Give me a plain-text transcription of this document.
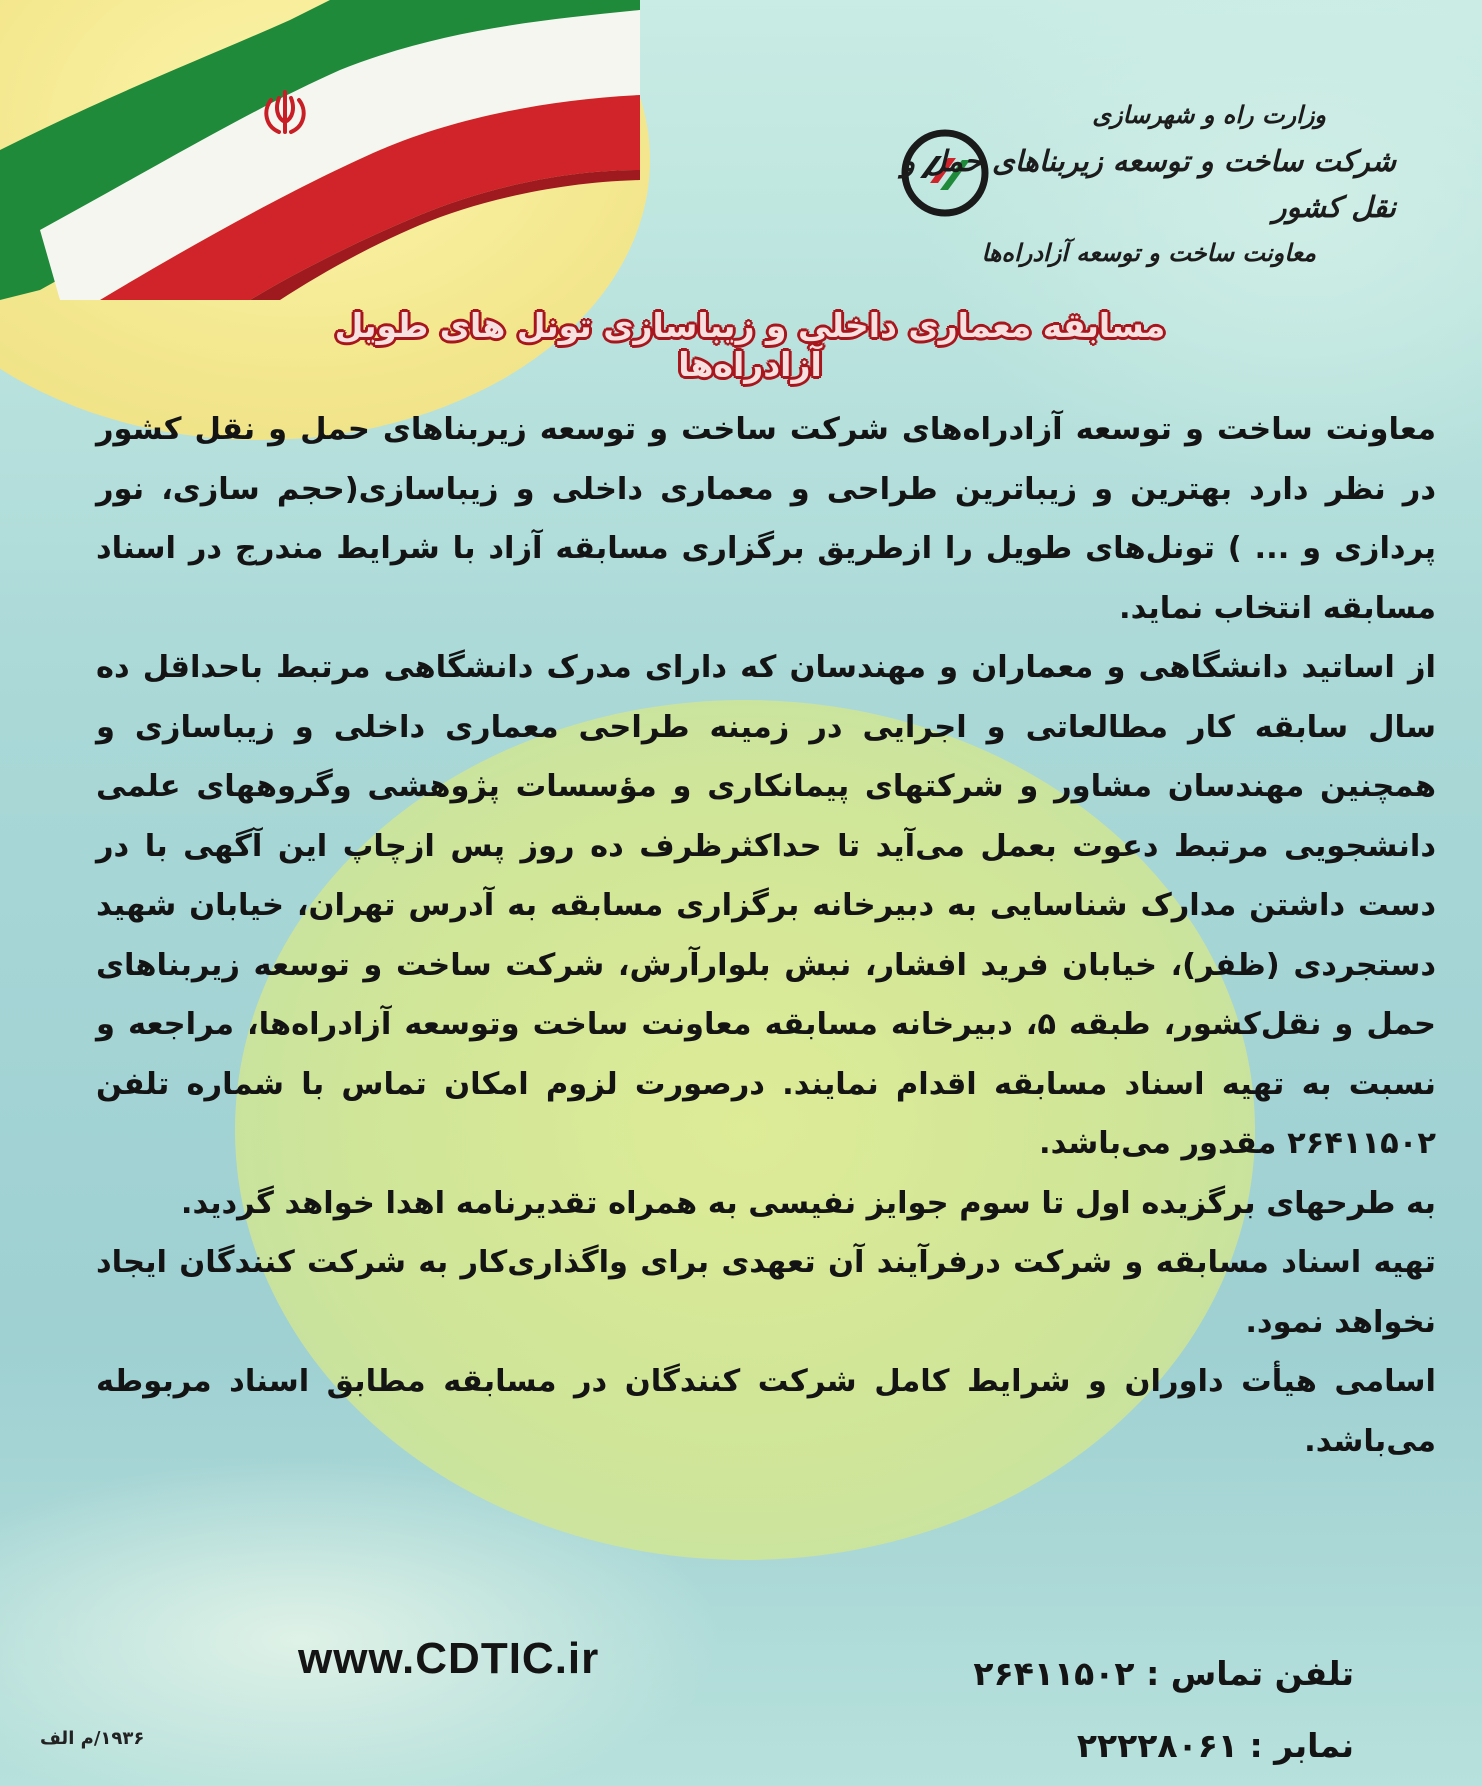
وزارت راه و شهرسازی
شرکت ساخت و توسعه زیربناهای حمل و نقل کشور
معاونت ساخت و توسعه آزادراه‌ها
مسابقه معماری داخلی و زیباسازی تونل های طویل آزادراه‌ها

معاونت ساخت و توسعه آزادراه‌های شرکت ساخت و توسعه زیربناهای حمل و نقل کشور در نظر دارد بهترین و زیباترین طراحی و معماری داخلی و زیباسازی(حجم سازی، نور پردازی و ... ) تونل‌های طویل را ازطریق برگزاری مسابقه آزاد با شرایط مندرج در اسناد مسابقه انتخاب نماید.

از اساتید دانشگاهی و معماران و مهندسان که دارای مدرک دانشگاهی مرتبط باحداقل ده سال سابقه کار مطالعاتی و اجرایی در زمینه طراحی معماری داخلی و زیباسازی و همچنین مهندسان مشاور و شرکتهای پیمانکاری و مؤسسات پژوهشی وگروههای علمی دانشجویی مرتبط دعوت بعمل می‌آید تا حداکثرظرف ده روز پس ازچاپ این آگهی با در دست داشتن مدارک شناسایی به دبیرخانه برگزاری مسابقه به آدرس تهران، خیابان شهید دستجردی (ظفر)، خیابان فرید افشار، نبش بلوارآرش، شرکت ساخت و توسعه زیربناهای حمل و نقل‌کشور، طبقه ۵، دبیرخانه مسابقه معاونت ساخت وتوسعه آزادراه‌ها، مراجعه و نسبت به تهیه اسناد مسابقه اقدام نمایند. درصورت لزوم امکان تماس با شماره تلفن ۲۶۴۱۱۵۰۲ مقدور می‌باشد.

به طرحهای برگزیده اول تا سوم جوایز نفیسی به همراه تقدیرنامه اهدا خواهد گردید.

تهیه اسناد مسابقه و شرکت درفرآیند آن تعهدی برای واگذاری‌کار به شرکت کنندگان ایجاد نخواهد نمود.

اسامی هیأت داوران و شرایط کامل شرکت کنندگان در مسابقه مطابق اسناد مربوطه می‌باشد.

تلفن تماس : ۲۶۴۱۱۵۰۲
نمابر : ۲۲۲۲۸۰۶۱
www.CDTIC.ir
۱۹۳۶/م الف
